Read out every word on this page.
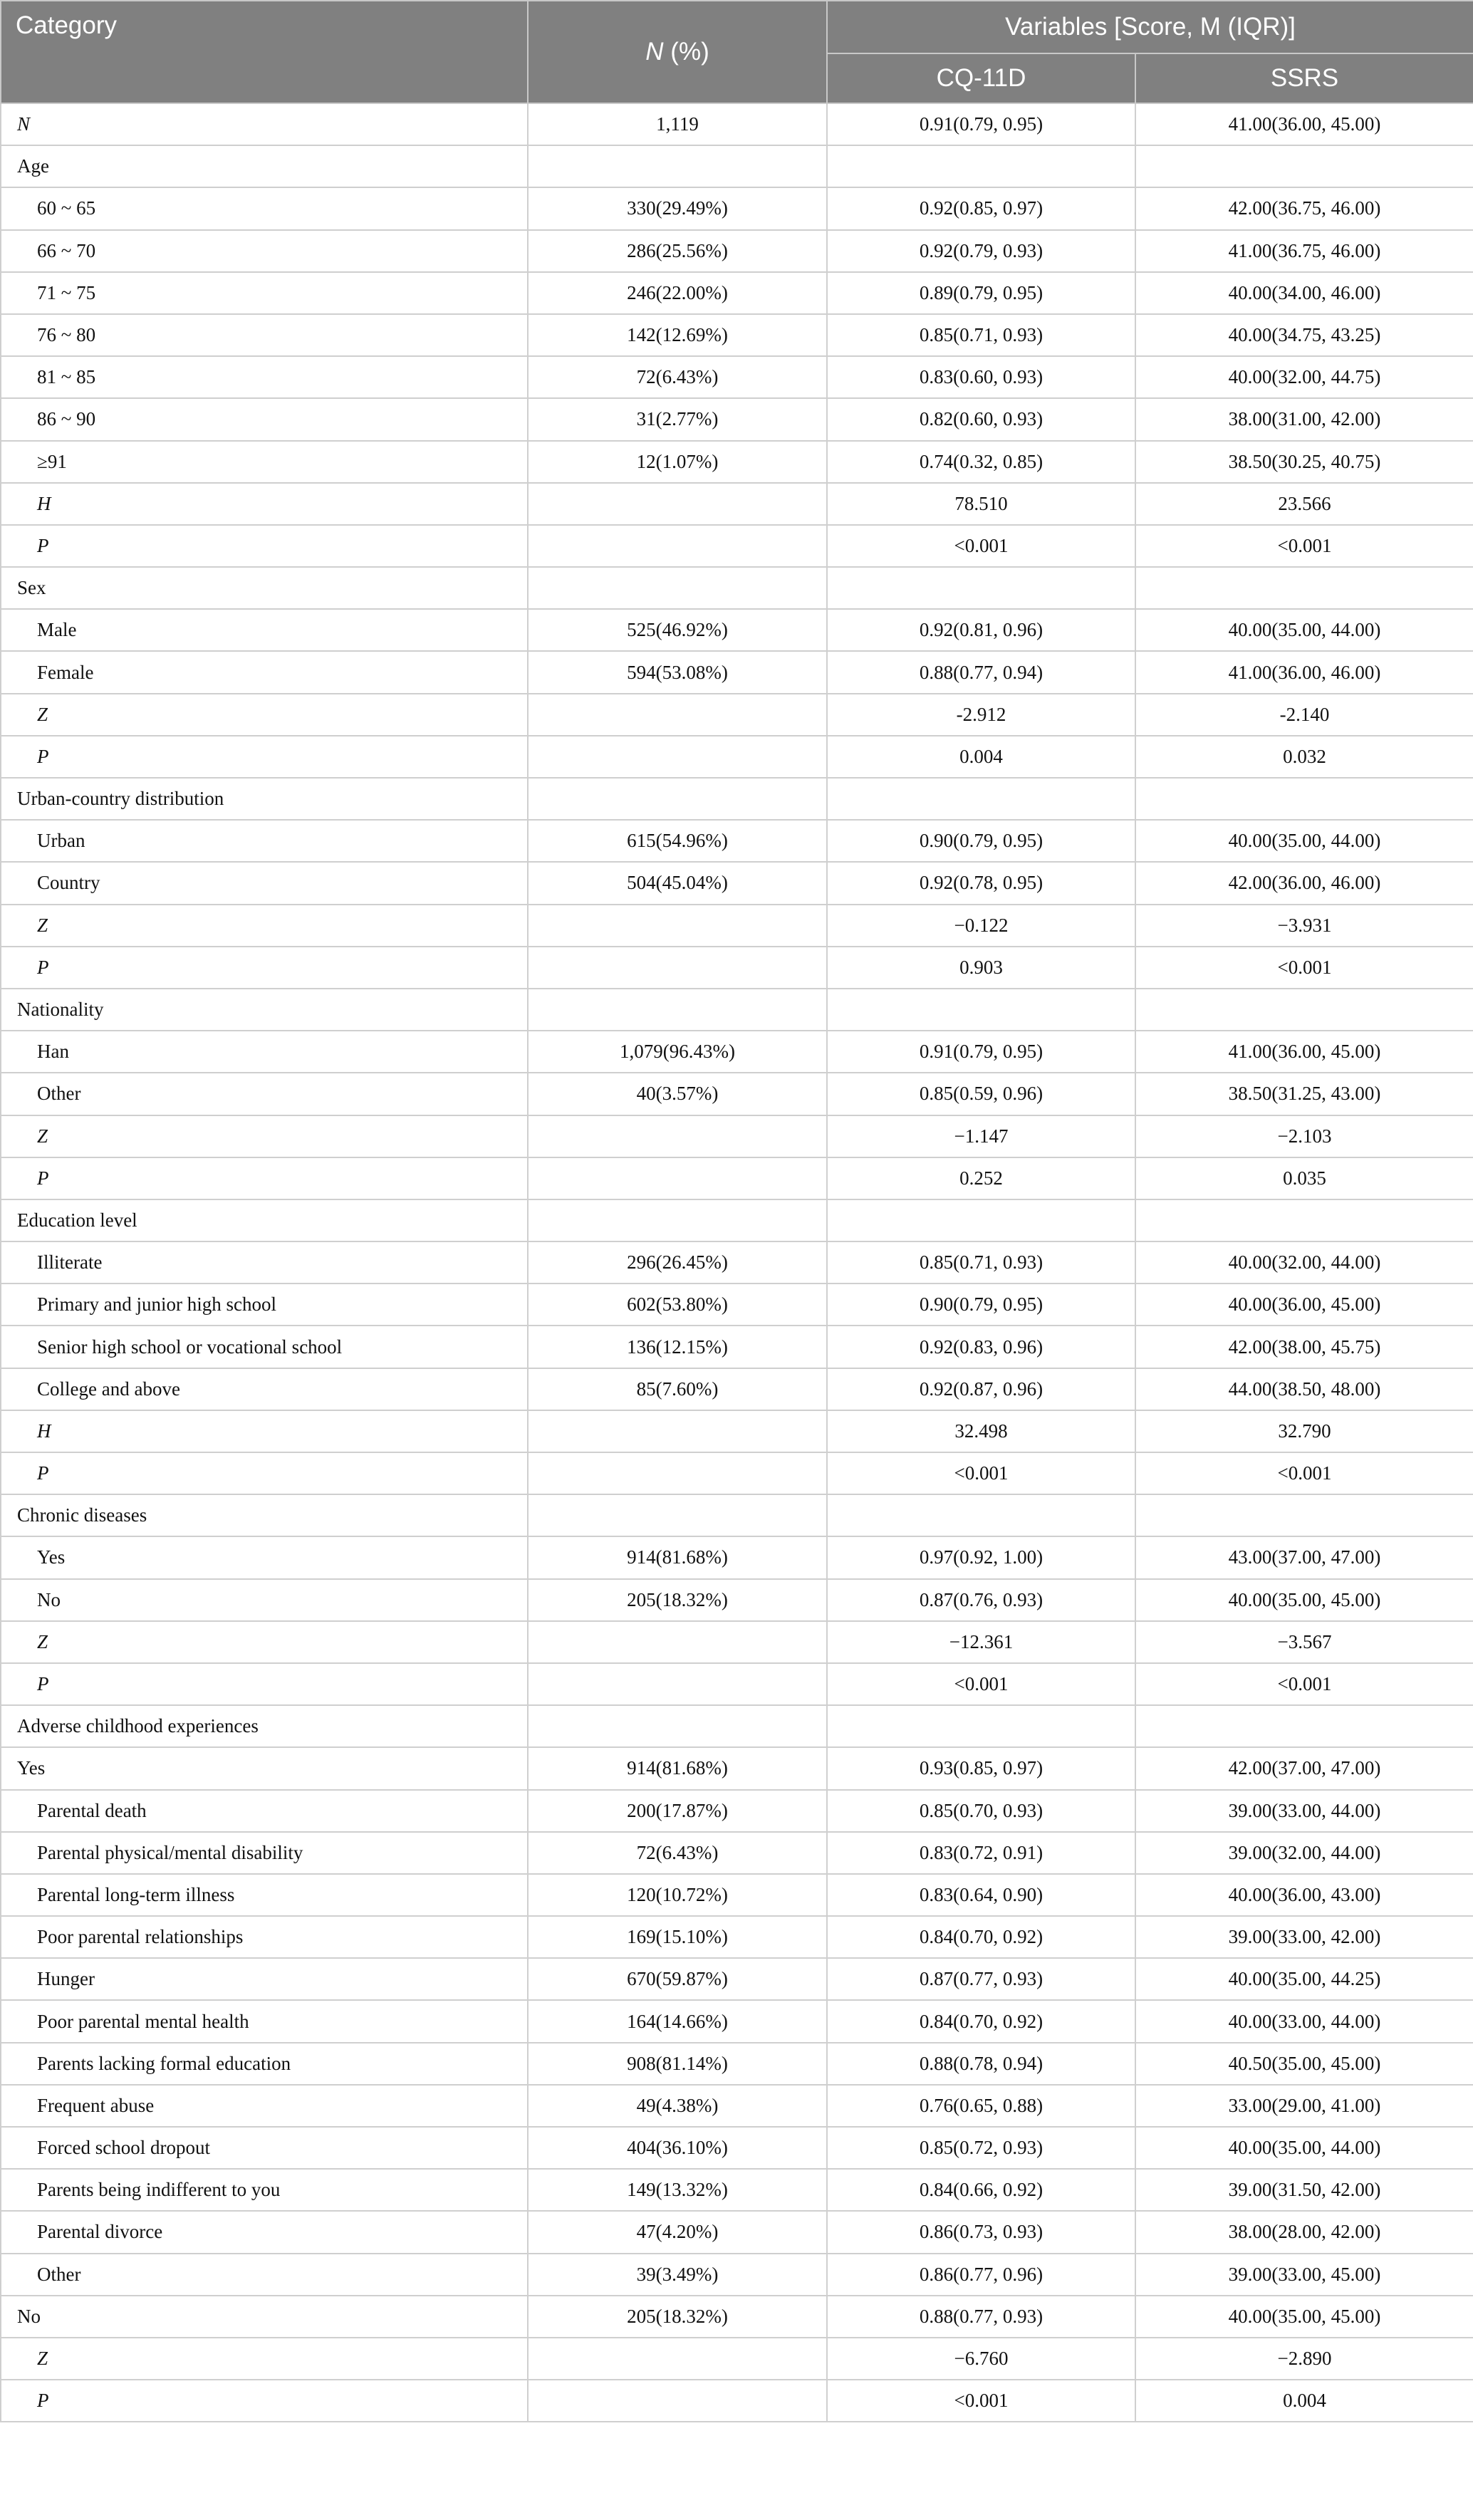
Category	N (%)	Variables [Score, M (IQR)]	
		CQ-11D	SSRS
N	1,119	0.91(0.79, 0.95)	41.00(36.00, 45.00)
Age			
60 ~ 65	330(29.49%)	0.92(0.85, 0.97)	42.00(36.75, 46.00)
66 ~ 70	286(25.56%)	0.92(0.79, 0.93)	41.00(36.75, 46.00)
71 ~ 75	246(22.00%)	0.89(0.79, 0.95)	40.00(34.00, 46.00)
76 ~ 80	142(12.69%)	0.85(0.71, 0.93)	40.00(34.75, 43.25)
81 ~ 85	72(6.43%)	0.83(0.60, 0.93)	40.00(32.00, 44.75)
86 ~ 90	31(2.77%)	0.82(0.60, 0.93)	38.00(31.00, 42.00)
≥91	12(1.07%)	0.74(0.32, 0.85)	38.50(30.25, 40.75)
H		78.510	23.566
P		<0.001	<0.001
Sex			
Male	525(46.92%)	0.92(0.81, 0.96)	40.00(35.00, 44.00)
Female	594(53.08%)	0.88(0.77, 0.94)	41.00(36.00, 46.00)
Z		-2.912	-2.140
P		0.004	0.032
Urban-country distribution			
Urban	615(54.96%)	0.90(0.79, 0.95)	40.00(35.00, 44.00)
Country	504(45.04%)	0.92(0.78, 0.95)	42.00(36.00, 46.00)
Z		−0.122	−3.931
P		0.903	<0.001
Nationality			
Han	1,079(96.43%)	0.91(0.79, 0.95)	41.00(36.00, 45.00)
Other	40(3.57%)	0.85(0.59, 0.96)	38.50(31.25, 43.00)
Z		−1.147	−2.103
P		0.252	0.035
Education level			
Illiterate	296(26.45%)	0.85(0.71, 0.93)	40.00(32.00, 44.00)
Primary and junior high school	602(53.80%)	0.90(0.79, 0.95)	40.00(36.00, 45.00)
Senior high school or vocational school	136(12.15%)	0.92(0.83, 0.96)	42.00(38.00, 45.75)
College and above	85(7.60%)	0.92(0.87, 0.96)	44.00(38.50, 48.00)
H		32.498	32.790
P		<0.001	<0.001
Chronic diseases			
Yes	914(81.68%)	0.97(0.92, 1.00)	43.00(37.00, 47.00)
No	205(18.32%)	0.87(0.76, 0.93)	40.00(35.00, 45.00)
Z		−12.361	−3.567
P		<0.001	<0.001
Adverse childhood experiences			
Yes	914(81.68%)	0.93(0.85, 0.97)	42.00(37.00, 47.00)
Parental death	200(17.87%)	0.85(0.70, 0.93)	39.00(33.00, 44.00)
Parental physical/mental disability	72(6.43%)	0.83(0.72, 0.91)	39.00(32.00, 44.00)
Parental long-term illness	120(10.72%)	0.83(0.64, 0.90)	40.00(36.00, 43.00)
Poor parental relationships	169(15.10%)	0.84(0.70, 0.92)	39.00(33.00, 42.00)
Hunger	670(59.87%)	0.87(0.77, 0.93)	40.00(35.00, 44.25)
Poor parental mental health	164(14.66%)	0.84(0.70, 0.92)	40.00(33.00, 44.00)
Parents lacking formal education	908(81.14%)	0.88(0.78, 0.94)	40.50(35.00, 45.00)
Frequent abuse	49(4.38%)	0.76(0.65, 0.88)	33.00(29.00, 41.00)
Forced school dropout	404(36.10%)	0.85(0.72, 0.93)	40.00(35.00, 44.00)
Parents being indifferent to you	149(13.32%)	0.84(0.66, 0.92)	39.00(31.50, 42.00)
Parental divorce	47(4.20%)	0.86(0.73, 0.93)	38.00(28.00, 42.00)
Other	39(3.49%)	0.86(0.77, 0.96)	39.00(33.00, 45.00)
No	205(18.32%)	0.88(0.77, 0.93)	40.00(35.00, 45.00)
Z		−6.760	−2.890
P		<0.001	0.004
